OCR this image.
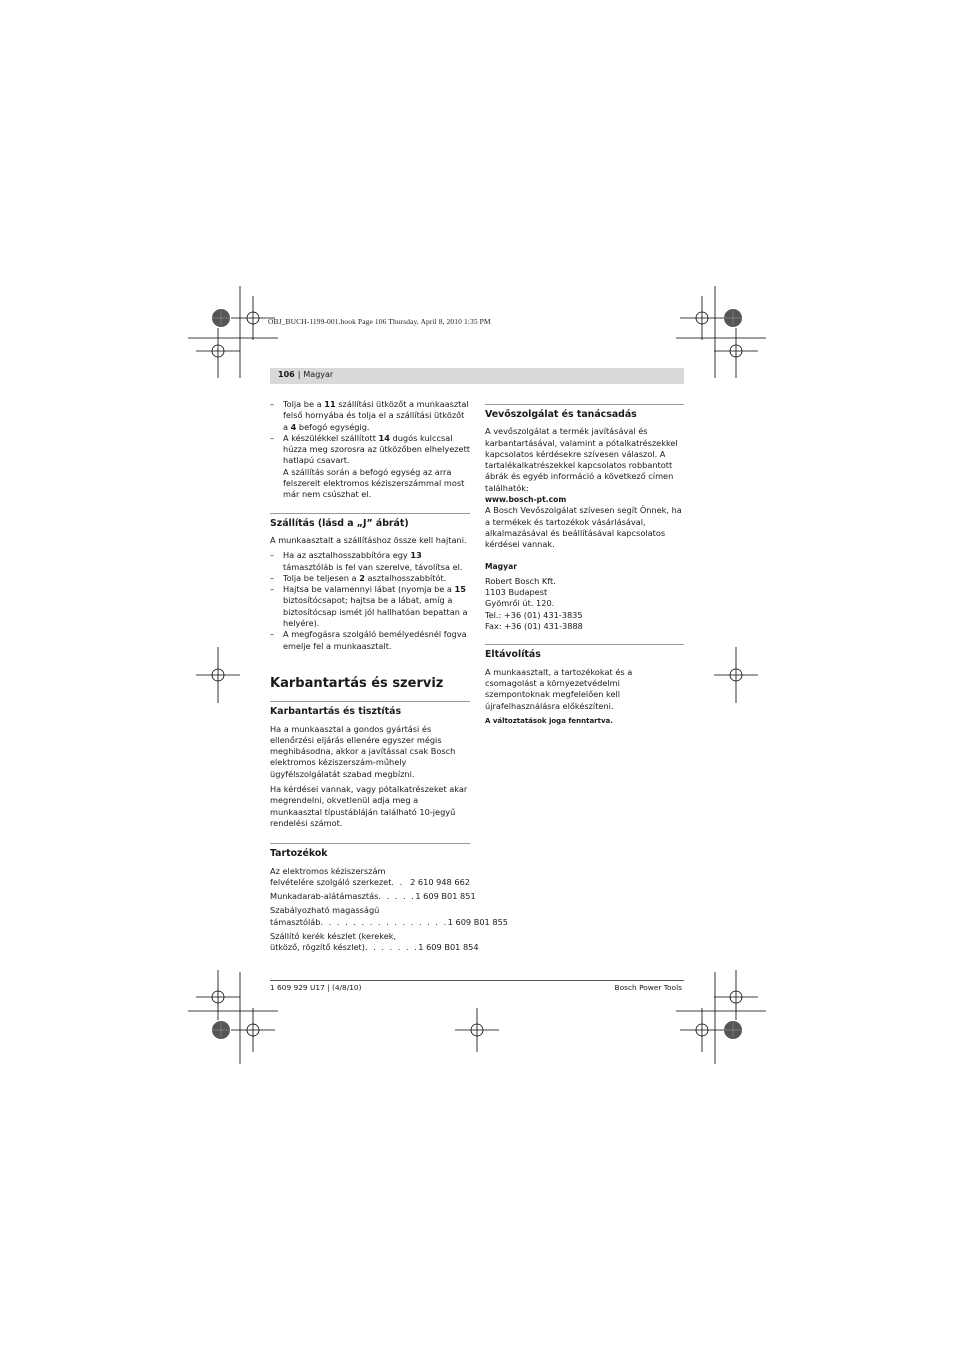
OBJ_BUCH-1199-001.book Page 106 Thursday, April 8, 2010 1:35 PM
106 | Magyar
– Tolja be a 11 szállítási ütközőt a munkaasztal felső hornyába és tolja el a szállítási ütközőt a 4 befogó egységig.
– A készülékkel szállított 14 dugós kulccsal húzza meg szorosra az ütközőben elhelyezett hatlapú csavart.

A szállítás során a befogó egység az arra felszerelt elektromos kéziszerszámmal most már nem csúszhat el.

Szállítás (lásd a „J” ábrát)

A munkaasztalt a szállításhoz össze kell hajtani.

– Ha az asztalhosszabbítóra egy 13 támasztóláb is fel van szerelve, távolítsa el.
– Tolja be teljesen a 2 asztalhosszabbítót.
– Hajtsa be valamennyi lábat (nyomja be a 15 biztosítócsapot; hajtsa be a lábat, amíg a biztosítócsap ismét jól hallhatóan bepattan a helyére).
– A megfogásra szolgáló bemélyedésnél fogva emelje fel a munkaasztalt.
Karbantartás és szerviz
Karbantartás és tisztítás

Ha a munkaasztal a gondos gyártási és ellenőrzési eljárás ellenére egyszer mégis meghibásodna, akkor a javítással csak Bosch elektromos kéziszerszám-műhely ügyfélszolgálatát szabad megbízni.

Ha kérdései vannak, vagy pótalkatrészeket akar megrendelni, okvetlenül adja meg a munkaasztal típustábláján található 10-jegyű rendelési számot.

Tartozékok
Az elektromos kéziszerszám
felvételére szolgáló szerkezet . . 2 610 948 662
Munkadarab-alátámasztás . . . . . 1 609 B01 851
Szabályozható magasságú
támasztóláb . . . . . . . . . . . . . . . . 1 609 B01 855
Szállító kerék készlet (kerekek,
ütköző, rögzítő készlet) . . . . . . . 1 609 B01 854
Vevőszolgálat és tanácsadás

A vevőszolgálat a termék javításával és karbantartásával, valamint a pótalkatrészekkel kapcsolatos kérdésekre szívesen válaszol. A tartalékalkatrészekkel kapcsolatos robbantott ábrák és egyéb információ a következő címen találhatók:

www.bosch-pt.com

A Bosch Vevőszolgálat szívesen segít Önnek, ha a termékek és tartozékok vásárlásával, alkalmazásával és beállításával kapcsolatos kérdései vannak.

Magyar
Robert Bosch Kft.
1103 Budapest
Gyömrői út. 120.
Tel.: +36 (01) 431-3835
Fax: +36 (01) 431-3888
Eltávolítás

A munkaasztalt, a tartozékokat és a csomagolást a környezetvédelmi szempontoknak megfelelően kell újrafelhasználásra előkészíteni.

A változtatások joga fenntartva.
1 609 929 U17 | (4/8/10)	Bosch Power Tools
